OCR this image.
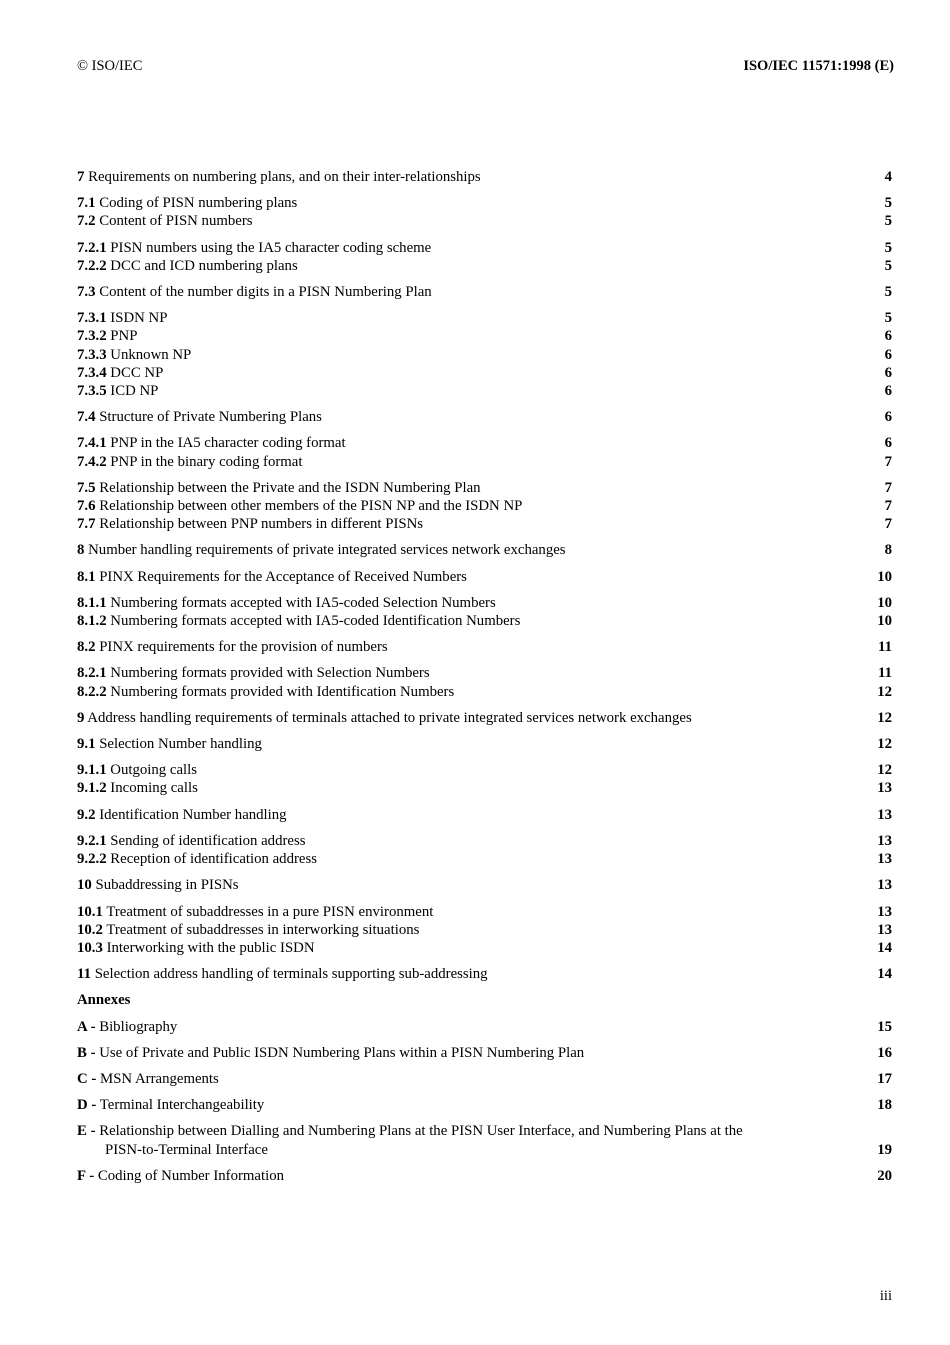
© ISO/IEC	ISO/IEC 11571:1998 (E)
7 Requirements on numbering plans, and on their inter-relationships	4
7.1 Coding of PISN numbering plans	5
7.2 Content of PISN numbers	5
7.2.1 PISN numbers using the IA5 character coding scheme	5
7.2.2 DCC and ICD numbering plans	5
7.3 Content of the number digits in a PISN Numbering Plan	5
7.3.1 ISDN NP	5
7.3.2 PNP	6
7.3.3 Unknown NP	6
7.3.4 DCC NP	6
7.3.5 ICD NP	6
7.4 Structure of Private Numbering Plans	6
7.4.1 PNP in the IA5 character coding format	6
7.4.2 PNP in the binary coding format	7
7.5 Relationship between the Private and the ISDN Numbering Plan	7
7.6 Relationship between other members of the PISN NP and the ISDN NP	7
7.7 Relationship between PNP numbers in different PISNs	7
8 Number handling requirements of private integrated services network exchanges	8
8.1 PINX Requirements for the Acceptance of Received Numbers	10
8.1.1 Numbering formats accepted with IA5-coded Selection Numbers	10
8.1.2 Numbering formats accepted with IA5-coded Identification Numbers	10
8.2 PINX requirements for the provision of numbers	11
8.2.1 Numbering formats provided with Selection Numbers	11
8.2.2 Numbering formats provided with Identification Numbers	12
9 Address handling requirements of terminals attached to private integrated services network exchanges	12
9.1 Selection Number handling	12
9.1.1 Outgoing calls	12
9.1.2 Incoming calls	13
9.2 Identification Number handling	13
9.2.1 Sending of identification address	13
9.2.2 Reception of identification address	13
10 Subaddressing in PISNs	13
10.1 Treatment of subaddresses in a pure PISN environment	13
10.2 Treatment of subaddresses in interworking situations	13
10.3 Interworking with the public ISDN	14
11 Selection address handling of terminals supporting sub-addressing	14
Annexes
A - Bibliography	15
B - Use of Private and Public ISDN Numbering Plans within a PISN Numbering Plan	16
C - MSN Arrangements	17
D - Terminal Interchangeability	18
E - Relationship between Dialling and Numbering Plans at the PISN User Interface, and Numbering Plans at the
PISN-to-Terminal Interface	19
F - Coding of Number Information	20
iii
